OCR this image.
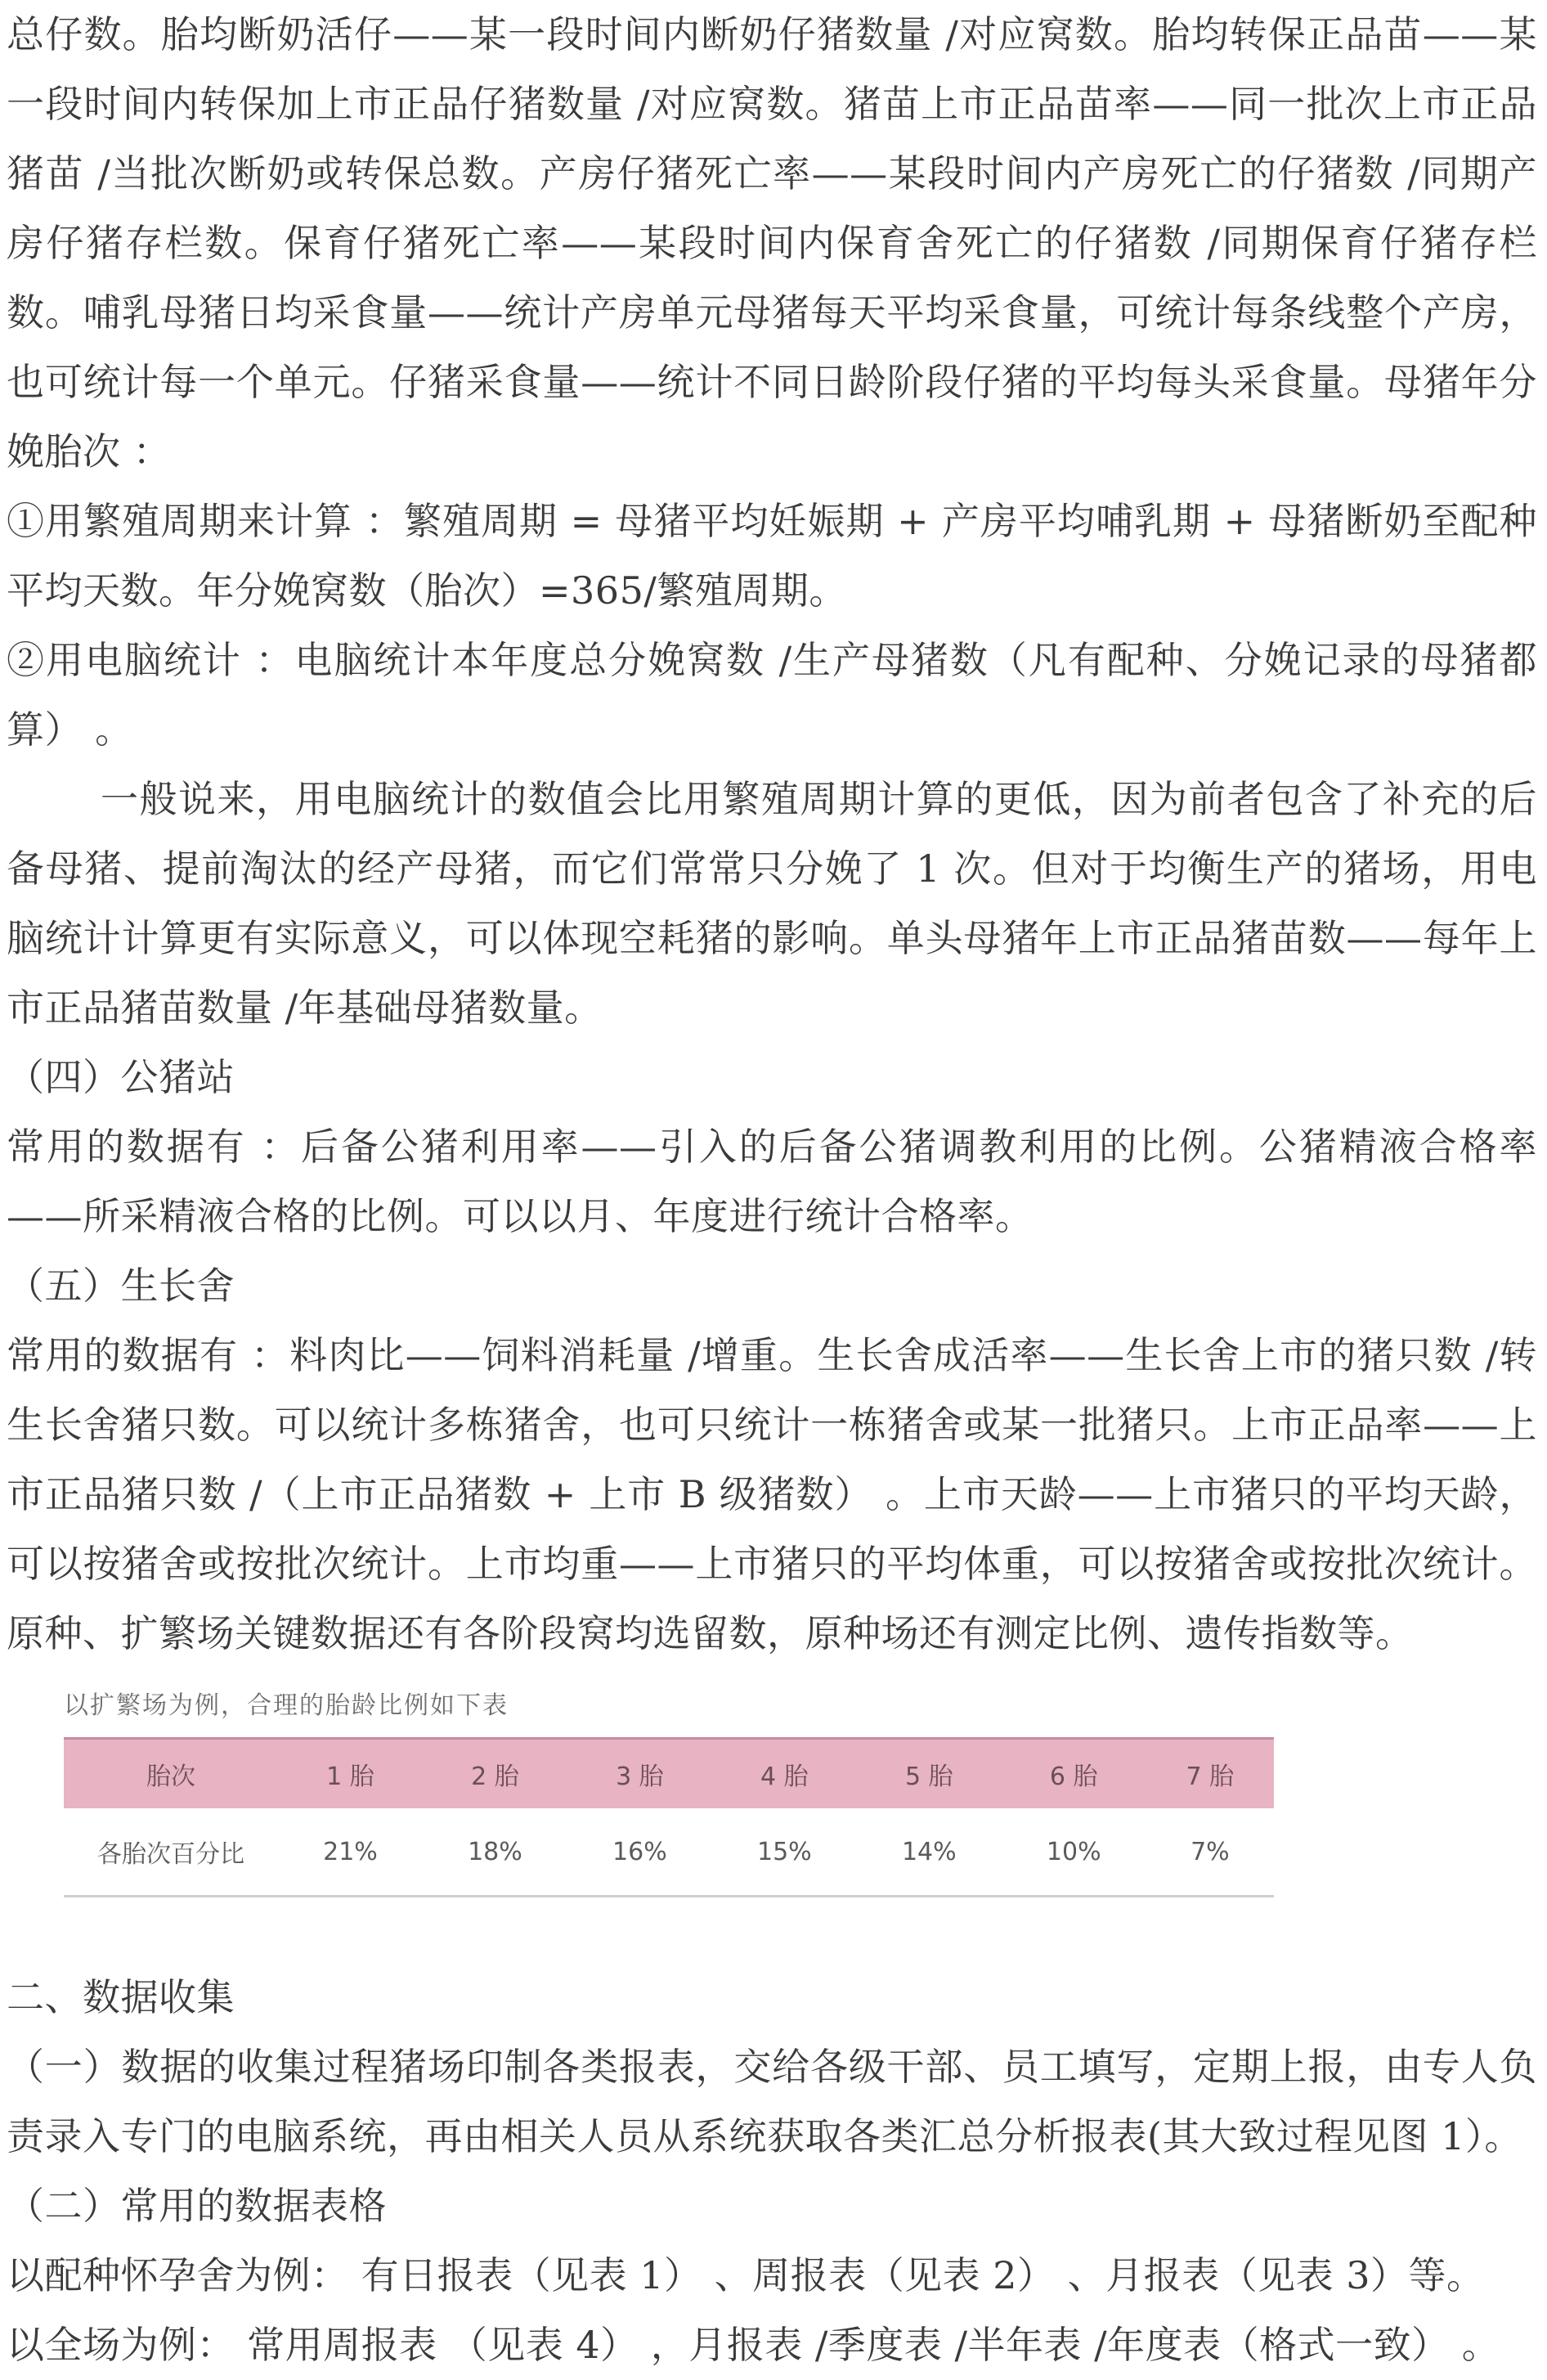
总仔数。胎均断奶活仔——某一段时间内断奶仔猪数量 /对应窝数。胎均转保正品苗——某一段时间内转保加上市正品仔猪数量 /对应窝数。猪苗上市正品苗率——同一批次上市正品猪苗 /当批次断奶或转保总数。产房仔猪死亡率——某段时间内产房死亡的仔猪数 /同期产房仔猪存栏数。保育仔猪死亡率——某段时间内保育舍死亡的仔猪数 /同期保育仔猪存栏数。哺乳母猪日均采食量——统计产房单元母猪每天平均采食量，可统计每条线整个产房，也可统计每一个单元。仔猪采食量——统计不同日龄阶段仔猪的平均每头采食量。母猪年分娩胎次 ：

①用繁殖周期来计算 ：繁殖周期 = 母猪平均妊娠期 + 产房平均哺乳期 + 母猪断奶至配种平均天数。年分娩窝数（胎次）=365/繁殖周期。

②用电脑统计 ：电脑统计本年度总分娩窝数 /生产母猪数（凡有配种、分娩记录的母猪都算） 。

一般说来，用电脑统计的数值会比用繁殖周期计算的更低，因为前者包含了补充的后备母猪、提前淘汰的经产母猪，而它们常常只分娩了 1 次。但对于均衡生产的猪场，用电脑统计计算更有实际意义，可以体现空耗猪的影响。单头母猪年上市正品猪苗数——每年上市正品猪苗数量 /年基础母猪数量。

（四）公猪站

常用的数据有 ：后备公猪利用率——引入的后备公猪调教利用的比例。公猪精液合格率——所采精液合格的比例。可以以月、年度进行统计合格率。

（五）生长舍

常用的数据有 ：料肉比——饲料消耗量 /增重。生长舍成活率——生长舍上市的猪只数 /转生长舍猪只数。可以统计多栋猪舍，也可只统计一栋猪舍或某一批猪只。上市正品率——上市正品猪只数 /（上市正品猪数 + 上市 B 级猪数） 。上市天龄——上市猪只的平均天龄，可以按猪舍或按批次统计。上市均重——上市猪只的平均体重，可以按猪舍或按批次统计。原种、扩繁场关键数据还有各阶段窝均选留数，原种场还有测定比例、遗传指数等。

以扩繁场为例，合理的胎龄比例如下表
胎次	1 胎	2 胎	3 胎	4 胎	5 胎	6 胎	7 胎
各胎次百分比	21%	18%	16%	15%	14%	10%	7%

二、数据收集

（一）数据的收集过程猪场印制各类报表，交给各级干部、员工填写，定期上报，由专人负责录入专门的电脑系统，再由相关人员从系统获取各类汇总分析报表(其大致过程见图 1）。

（二）常用的数据表格

以配种怀孕舍为例： 有日报表（见表 1） 、周报表（见表 2） 、月报表（见表 3）等。

以全场为例： 常用周报表 （见表 4） ，月报表 /季度表 /半年表 /年度表（格式一致） 。
